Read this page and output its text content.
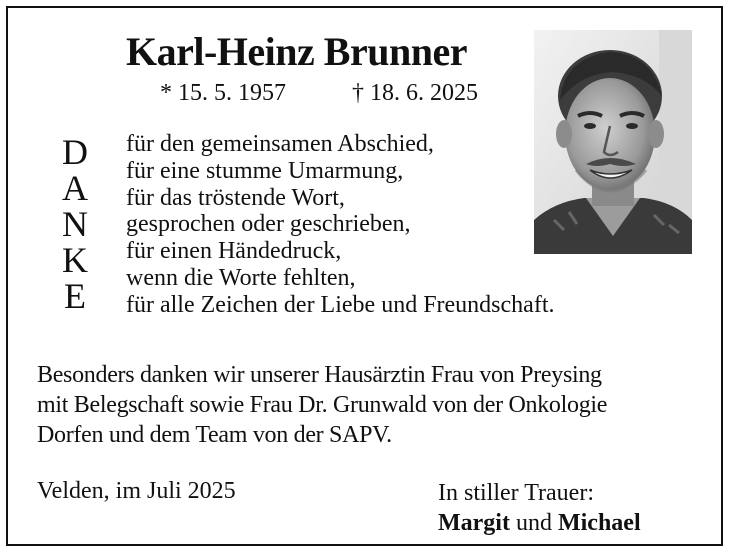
Karl-Heinz Brunner
* 15. 5. 1957	† 18. 6. 2025
D
A
N
K
E
für den gemeinsamen Abschied,
für eine stumme Umarmung,
für das tröstende Wort,
gesprochen oder geschrieben,
für einen Händedruck,
wenn die Worte fehlten,
für alle Zeichen der Liebe und Freundschaft.
Besonders danken wir unserer Hausärztin Frau von Preysing
mit Belegschaft sowie Frau Dr. Grunwald von der Onkologie
Dorfen und dem Team von der SAPV.
Velden, im Juli 2025	In stiller Trauer:
Margit und Michael
